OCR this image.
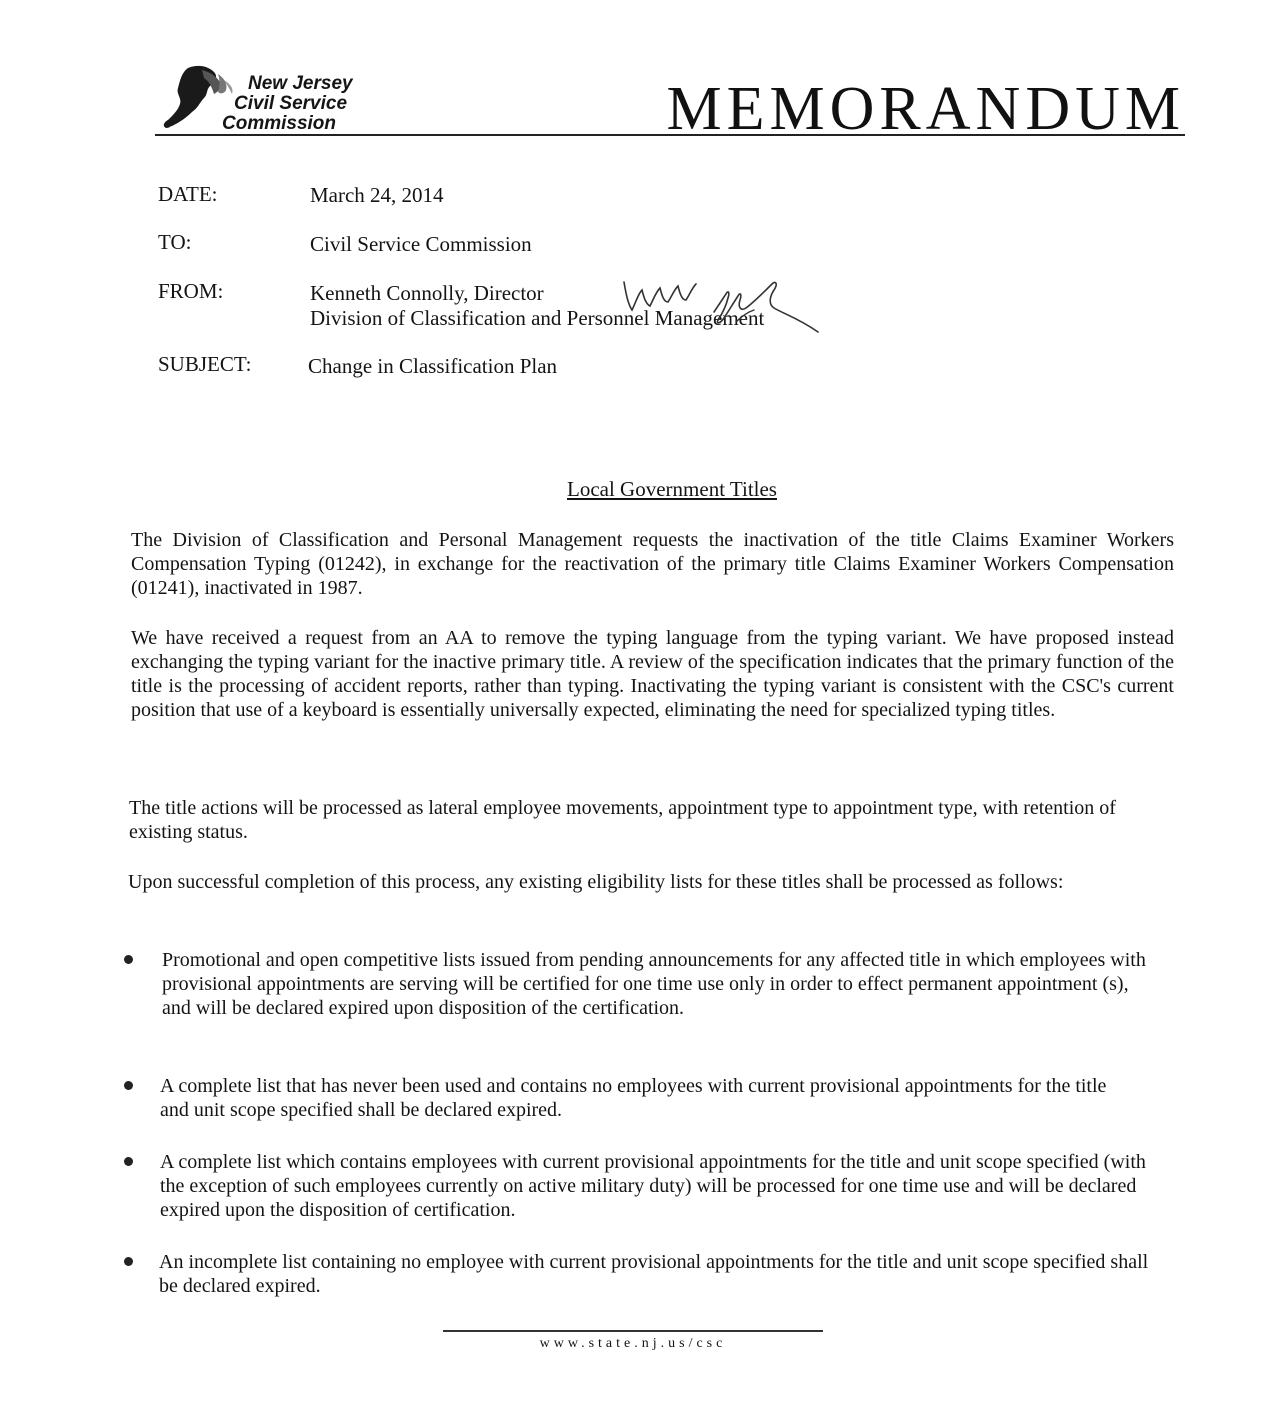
New Jersey
Civil Service
Commission	MEMORANDUM
DATE:	March 24, 2014
TO:	Civil Service Commission
FROM:	Kenneth Connolly, Director
Division of Classification and Personnel Management
SUBJECT:	Change in Classification Plan
Local Government Titles

The Division of Classification and Personal Management requests the inactivation of the title Claims Examiner Workers Compensation Typing (01242), in exchange for the reactivation of the primary title Claims Examiner Workers Compensation (01241), inactivated in 1987.

We have received a request from an AA to remove the typing language from the typing variant. We have proposed instead exchanging the typing variant for the inactive primary title. A review of the specification indicates that the primary function of the title is the processing of accident reports, rather than typing. Inactivating the typing variant is consistent with the CSC's current position that use of a keyboard is essentially universally expected, eliminating the need for specialized typing titles.

The title actions will be processed as lateral employee movements, appointment type to appointment type, with retention of existing status.

Upon successful completion of this process, any existing eligibility lists for these titles shall be processed as follows:

Promotional and open competitive lists issued from pending announcements for any affected title in which employees with provisional appointments are serving will be certified for one time use only in order to effect permanent appointment (s), and will be declared expired upon disposition of the certification.

A complete list that has never been used and contains no employees with current provisional appointments for the title and unit scope specified shall be declared expired.

A complete list which contains employees with current provisional appointments for the title and unit scope specified (with the exception of such employees currently on active military duty) will be processed for one time use and will be declared expired upon the disposition of certification.

An incomplete list containing no employee with current provisional appointments for the title and unit scope specified shall be declared expired.

www.state.nj.us/csc
